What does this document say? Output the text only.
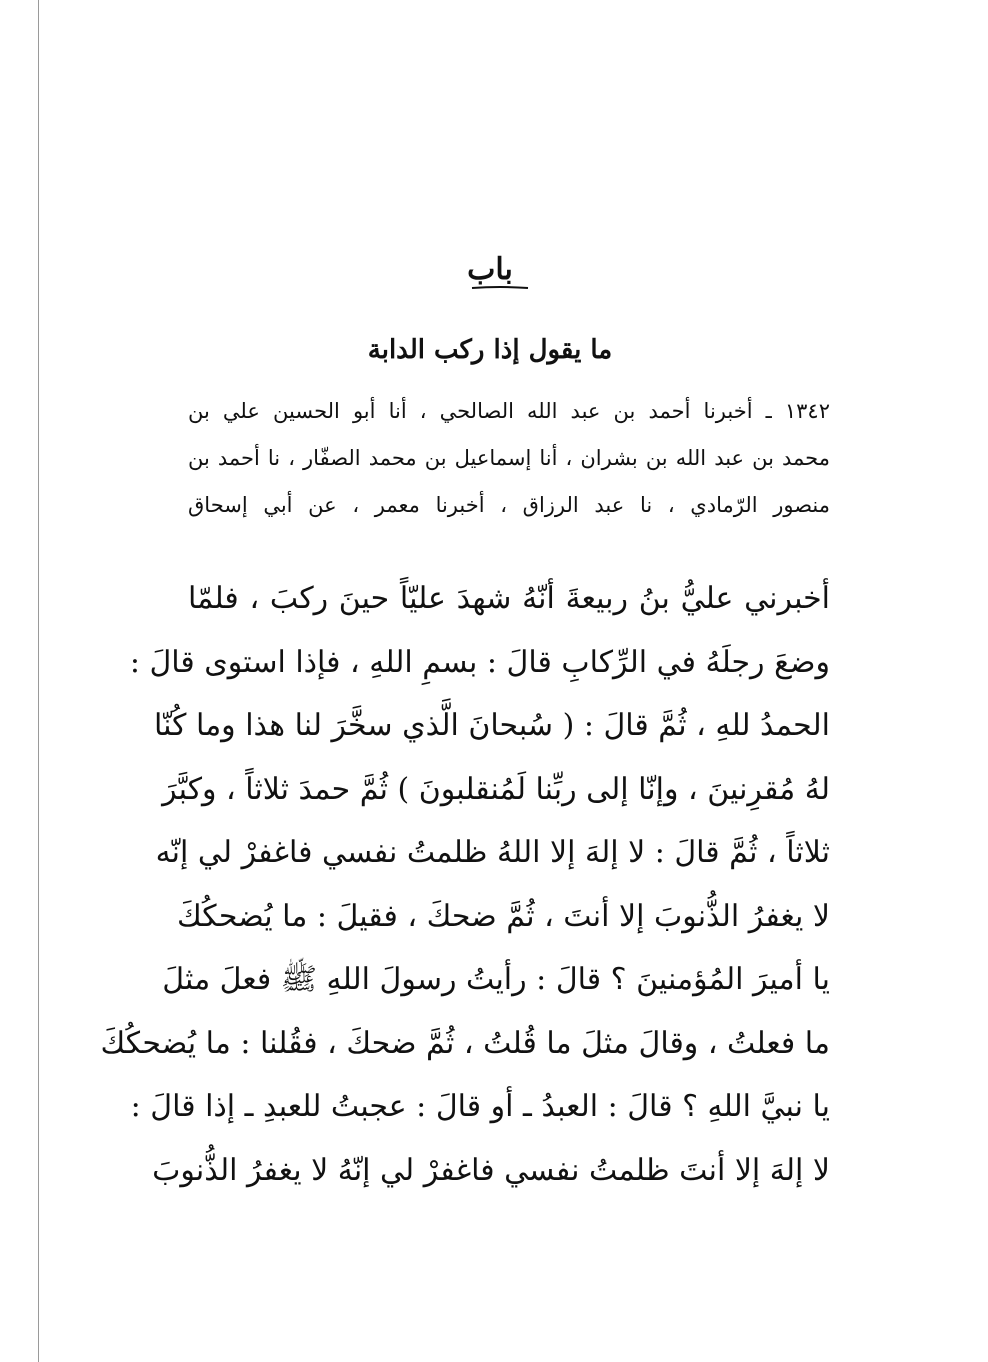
باب
ما يقول إذا ركب الدابة
١٣٤٢ ـ أخبرنا أحمد بن عبد الله الصالحي ، أنا أبو الحسين علي بن
محمد بن عبد الله بن بشران ، أنا إسماعيل بن محمد الصفّار ، نا أحمد بن
منصور الرّمادي ، نا عبد الرزاق ، أخبرنا معمر ، عن أبي إسحاق
أخبرني عليُّ بنُ ربيعةَ أنّهُ شهدَ عليّاً حينَ ركبَ ، فلمّا
وضعَ رجلَهُ في الرِّكابِ قالَ : بسمِ اللهِ ، فإذا استوى قالَ :
الحمدُ للهِ ، ثُمَّ قالَ : ( سُبحانَ الَّذي سخَّرَ لنا هذا وما كُنّا
لهُ مُقرِنينَ ، وإنّا إلى ربِّنا لَمُنقلبونَ ) ثُمَّ حمدَ ثلاثاً ، وكبَّرَ
ثلاثاً ، ثُمَّ قالَ : لا إلهَ إلا اللهُ ظلمتُ نفسي فاغفرْ لي إنّه
لا يغفرُ الذُّنوبَ إلا أنتَ ، ثُمَّ ضحكَ ، فقيلَ : ما يُضحكُكَ
يا أميرَ المُؤمنينَ ؟ قالَ : رأيتُ رسولَ اللهِ ﷺ فعلَ مثلَ
ما فعلتُ ، وقالَ مثلَ ما قُلتُ ، ثُمَّ ضحكَ ، فقُلنا : ما يُضحكُكَ
يا نبيَّ اللهِ ؟ قالَ : العبدُ ـ أو قالَ : عجبتُ للعبدِ ـ إذا قالَ :
لا إلهَ إلا أنتَ ظلمتُ نفسي فاغفرْ لي إنّهُ لا يغفرُ الذُّنوبَ
